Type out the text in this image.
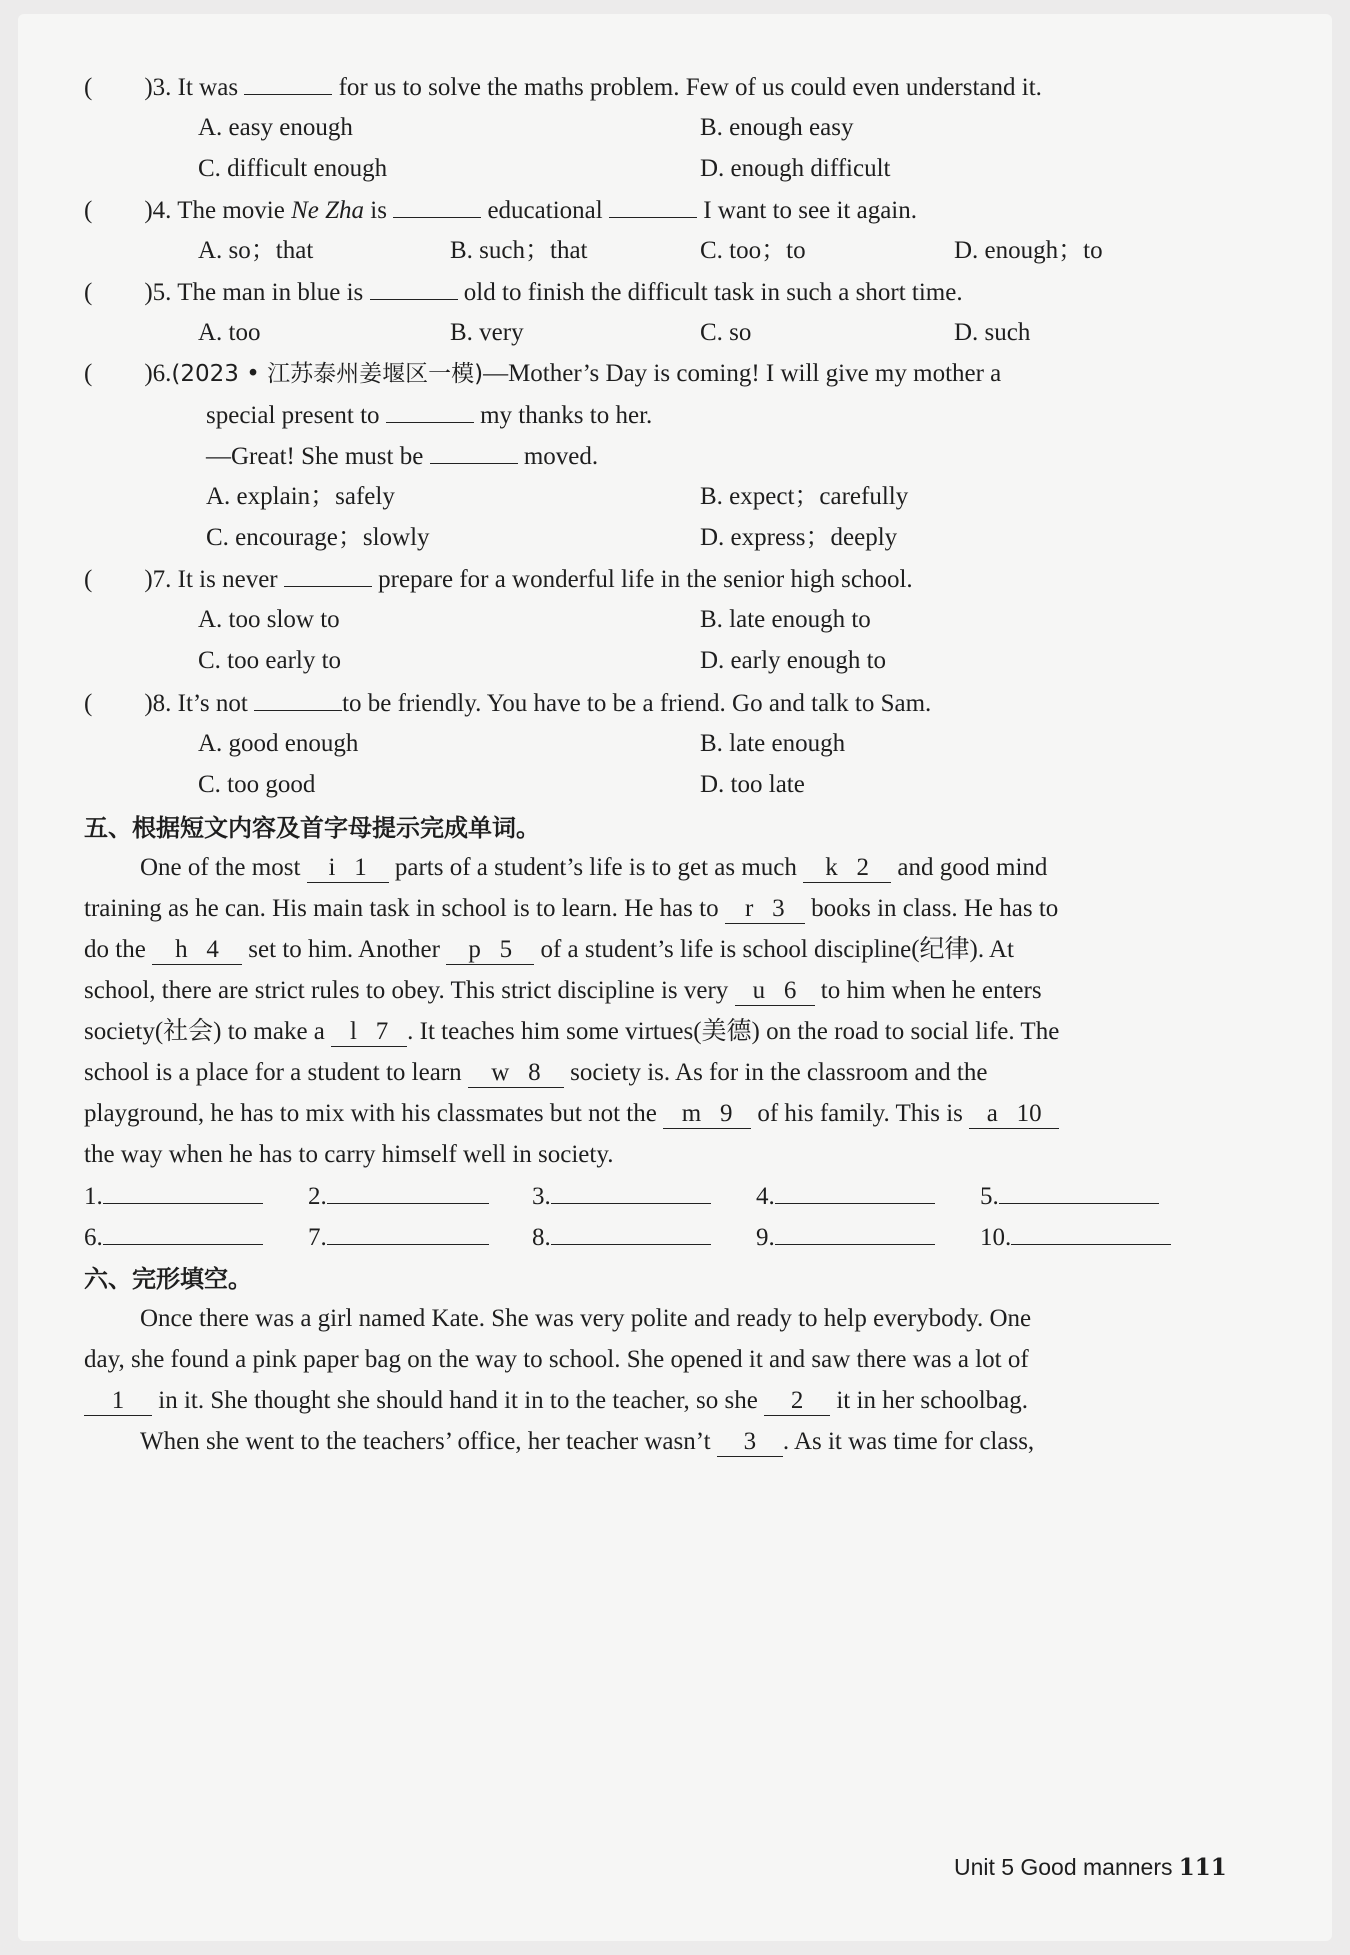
( )3. It was	for us to solve the maths problem. Few of us could even understand it.
A. easy enough	B. enough easy
C. difficult enough	D. enough difficult
( )4. The movie Ne Zha is	educational	I want to see it again.
A. so；that	B. such；that	C. too；to	D. enough；to
( )5. The man in blue is	old to finish the difficult task in such a short time.
A. too	B. very	C. so	D. such
( )6.(2023 • 江苏泰州姜堰区一模)—Mother’s Day is coming! I will give my mother a
special present to	my thanks to her.
—Great! She must be	moved.
A. explain；safely	B. expect；carefully
C. encourage；slowly	D. express；deeply
( )7. It is never	prepare for a wonderful life in the senior high school.
A. too slow to	B. late enough to
C. too early to	D. early enough to
( )8. It’s not	to be friendly. You have to be a friend. Go and talk to Sam.
A. good enough	B. late enough
C. too good	D. too late
五、根据短文内容及首字母提示完成单词。
One of the most i 1 parts of a student’s life is to get as much k 2 and good mind
training as he can. His main task in school is to learn. He has to r 3 books in class. He has to
do the h 4 set to him. Another p 5 of a student’s life is school discipline(纪律). At
school, there are strict rules to obey. This strict discipline is very u 6 to him when he enters
society(社会) to make a l 7 . It teaches him some virtues(美德) on the road to social life. The
school is a place for a student to learn w 8 society is. As for in the classroom and the
playground, he has to mix with his classmates but not the m 9 of his family. This is a 10
the way when he has to carry himself well in society.
1.	2.	3.	4.	5.
6.	7.	8.	9.	10.
六、完形填空。
Once there was a girl named Kate. She was very polite and ready to help everybody. One
day, she found a pink paper bag on the way to school. She opened it and saw there was a lot of
1 in it. She thought she should hand it in to the teacher, so she 2 it in her schoolbag.
When she went to the teachers’ office, her teacher wasn’t 3 . As it was time for class,
Unit 5 Good manners 111
